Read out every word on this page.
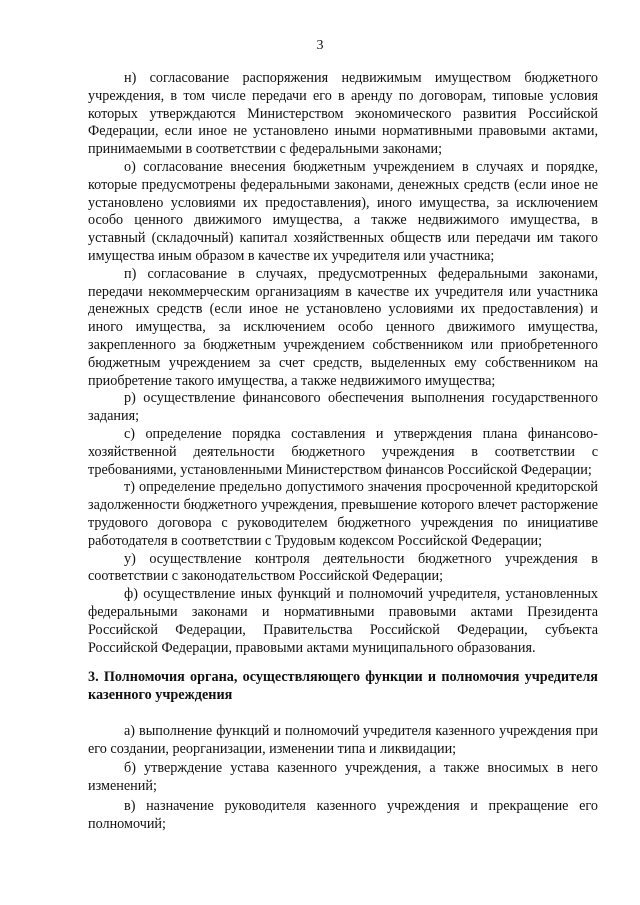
3

н) согласование распоряжения недвижимым имуществом бюджетного учреждения, в том числе передачи его в аренду по договорам, типовые условия которых утверждаются Министерством экономического развития Российской Федерации, если иное не установлено иными нормативными правовыми актами, принимаемыми в соответствии с федеральными законами;

о) согласование внесения бюджетным учреждением в случаях и порядке, которые предусмотрены федеральными законами, денежных средств (если иное не установлено условиями их предоставления), иного имущества, за исключением особо ценного движимого имущества, а также недвижимого имущества, в уставный (складочный) капитал хозяйственных обществ или передачи им такого имущества иным образом в качестве их учредителя или участника;

п) согласование в случаях, предусмотренных федеральными законами, передачи некоммерческим организациям в качестве их учредителя или участника денежных средств (если иное не установлено условиями их предоставления) и иного имущества, за исключением особо ценного движимого имущества, закрепленного за бюджетным учреждением собственником или приобретенного бюджетным учреждением за счет средств, выделенных ему собственником на приобретение такого имущества, а также недвижимого имущества;

р) осуществление финансового обеспечения выполнения государственного задания;

с) определение порядка составления и утверждения плана финансово-хозяйственной деятельности бюджетного учреждения в соответствии с требованиями, установленными Министерством финансов Российской Федерации;

т) определение предельно допустимого значения просроченной кредиторской задолженности бюджетного учреждения, превышение которого влечет расторжение трудового договора с руководителем бюджетного учреждения по инициативе работодателя в соответствии с Трудовым кодексом Российской Федерации;

у) осуществление контроля деятельности бюджетного учреждения в соответствии с законодательством Российской Федерации;

ф) осуществление иных функций и полномочий учредителя, установленных федеральными законами и нормативными правовыми актами Президента Российской Федерации, Правительства Российской Федерации, субъекта Российской Федерации, правовыми актами муниципального образования.

3. Полномочия органа, осуществляющего функции и полномочия учредителя казенного учреждения

а) выполнение функций и полномочий учредителя казенного учреждения при его создании, реорганизации, изменении типа и ликвидации;

б) утверждение устава казенного учреждения, а также вносимых в него изменений;

в) назначение руководителя казенного учреждения и прекращение его полномочий;
